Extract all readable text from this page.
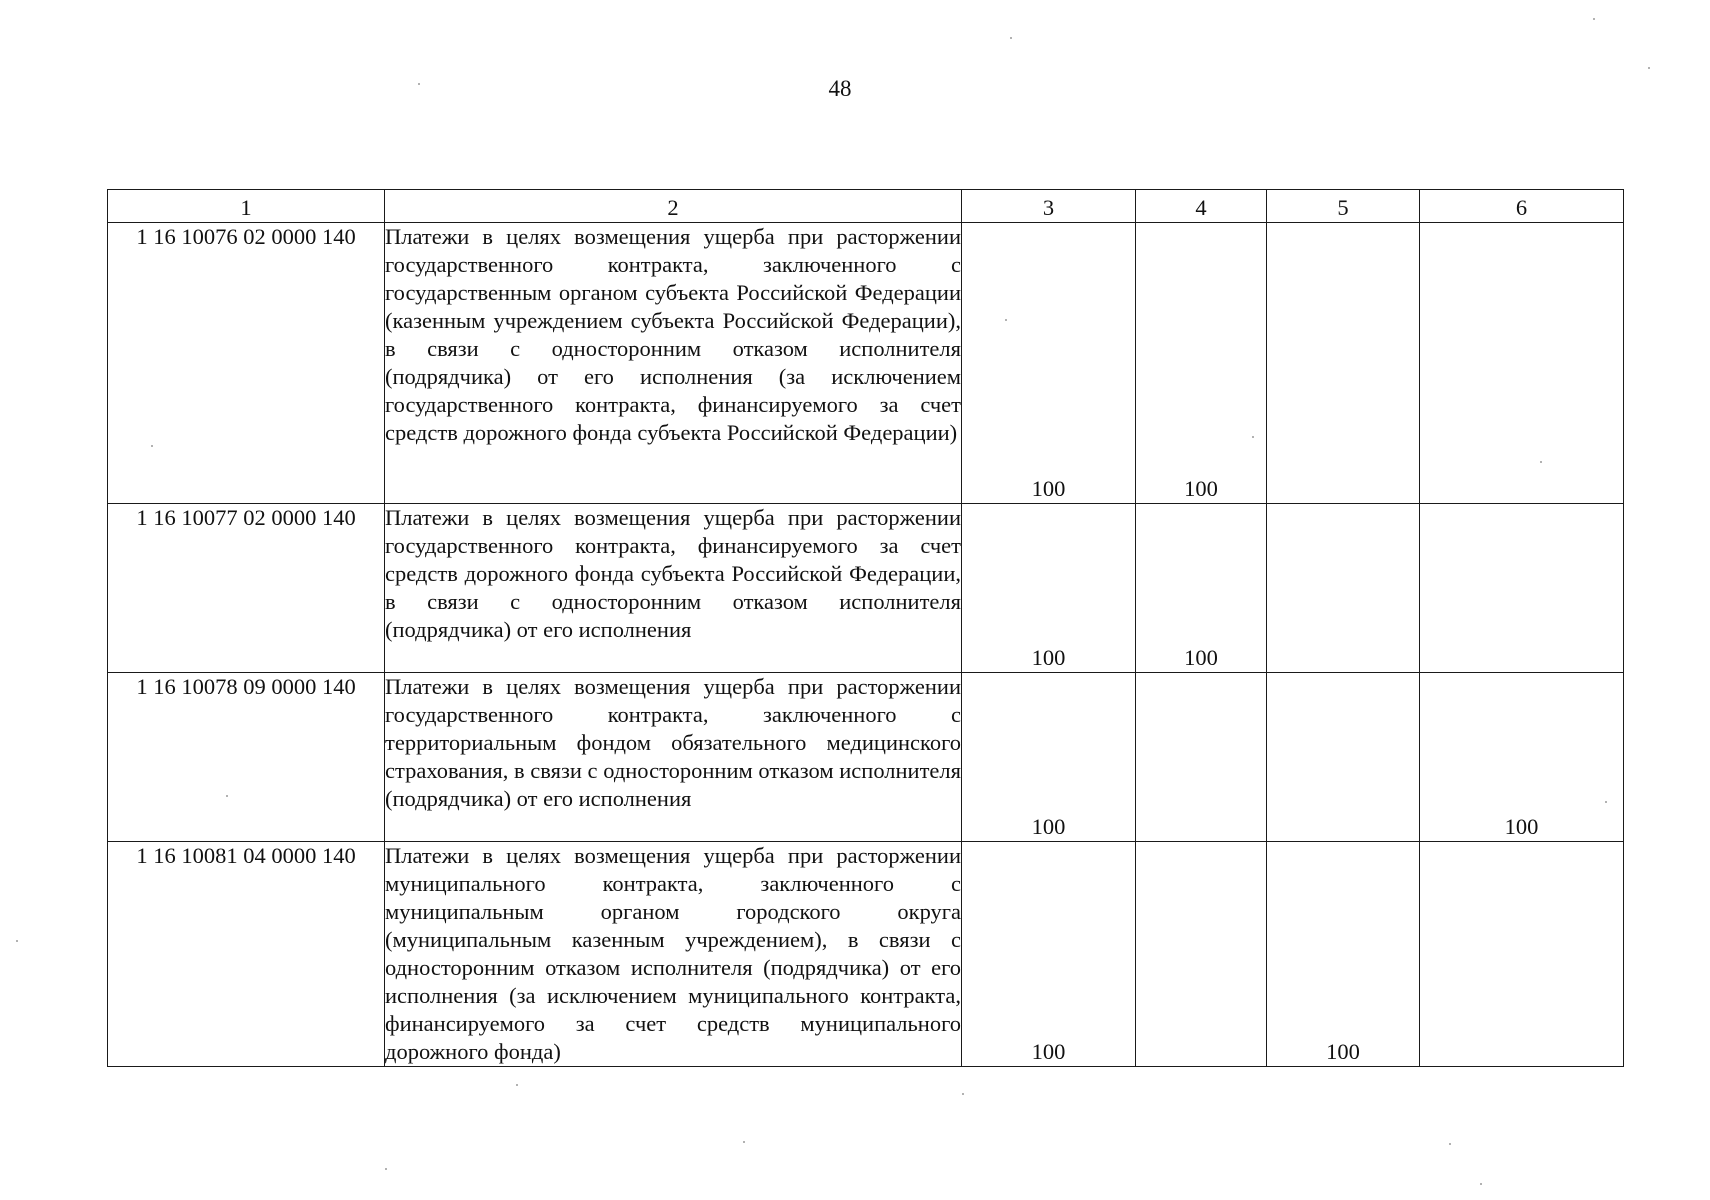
48
1	2	3	4	5	6
1 16 10076 02 0000 140	Платежи в целях возмещения ущерба при расторжении государственного контракта, заключенного с государственным органом субъекта Российской Федерации (казенным учреждением субъекта Российской Федерации), в связи с односторонним отказом исполнителя (подрядчика) от его исполнения (за исключением государственного контракта, финансируемого за счет средств дорожного фонда субъекта Российской Федерации)	100	100		
1 16 10077 02 0000 140	Платежи в целях возмещения ущерба при расторжении государственного контракта, финансируемого за счет средств дорожного фонда субъекта Российской Федерации, в связи с односторонним отказом исполнителя (подрядчика) от его исполнения	100	100		
1 16 10078 09 0000 140	Платежи в целях возмещения ущерба при расторжении государственного контракта, заключенного с территориальным фондом обязательного медицинского страхования, в связи с односторонним отказом исполнителя (подрядчика) от его исполнения	100			100
1 16 10081 04 0000 140	Платежи в целях возмещения ущерба при расторжении муниципального контракта, заключенного с муниципальным органом городского округа (муниципальным казенным учреждением), в связи с односторонним отказом исполнителя (подрядчика) от его исполнения (за исключением муниципального контракта, финансируемого за счет средств муниципального дорожного фонда)	100		100	
